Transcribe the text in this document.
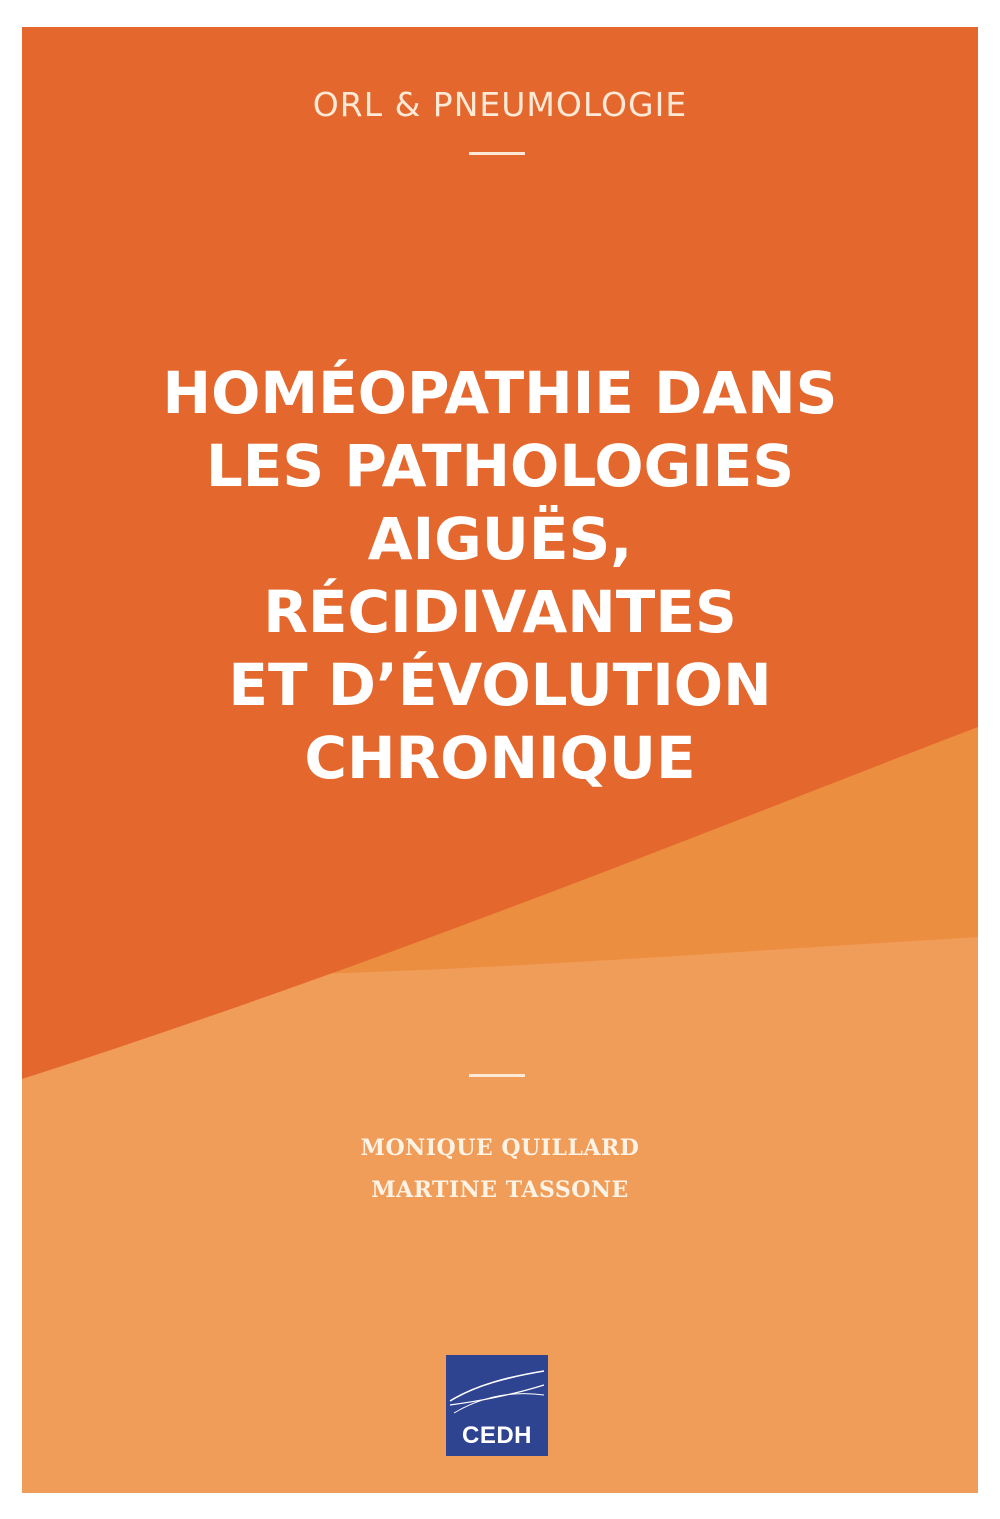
ORL & PNEUMOLOGIE
HOMÉOPATHIE DANS
LES PATHOLOGIES
AIGUËS,
RÉCIDIVANTES
ET D’ÉVOLUTION
CHRONIQUE
MONIQUE QUILLARD
MARTINE TASSONE
CEDH
